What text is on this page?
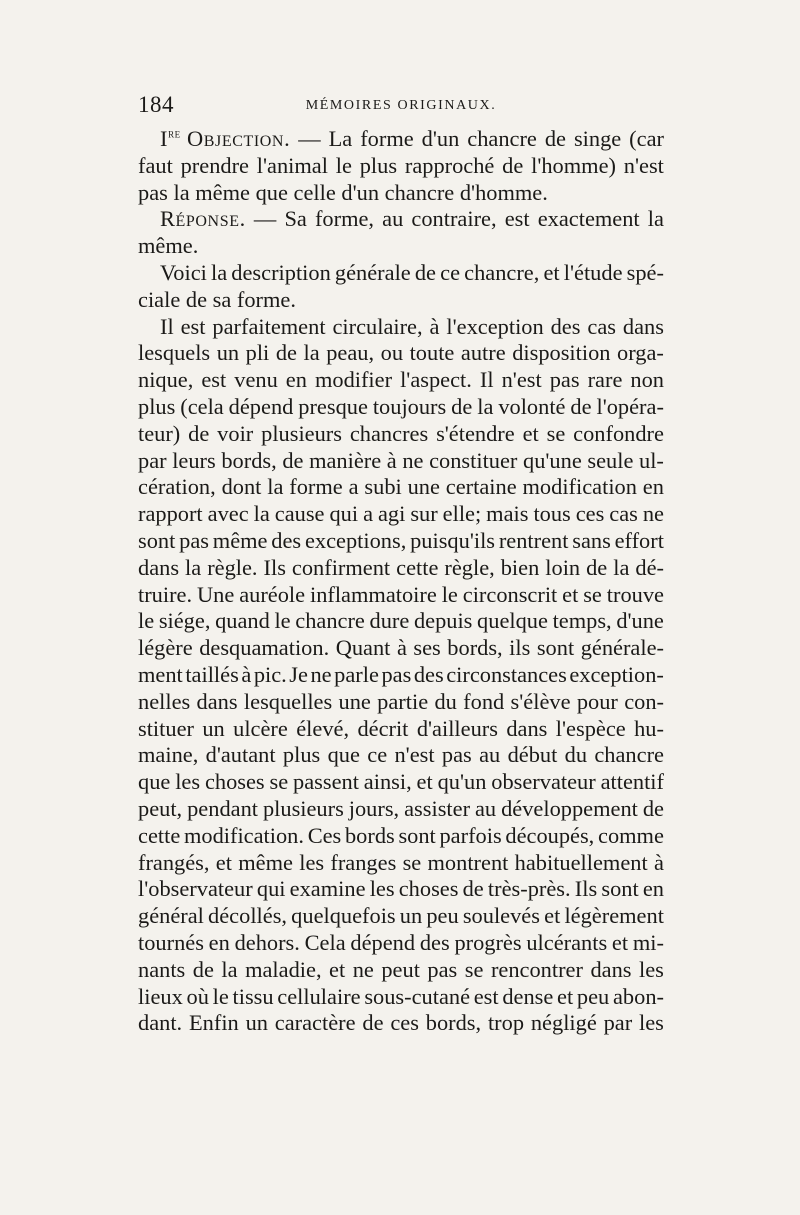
184	MÉMOIRES ORIGINAUX.
Ire Objection. — La forme d'un chancre de singe (car
faut prendre l'animal le plus rapproché de l'homme) n'est
pas
la
même
que
celle
d'un
chancre
d'homme.
Réponse. — Sa forme, au contraire, est exactement la
même.
Voici la description générale de ce chancre, et l'étude spé-
ciale
de
sa
forme.
Il est parfaitement circulaire, à l'exception des cas dans
lesquels un pli de la peau, ou toute autre disposition orga-
nique, est venu en modifier l'aspect. Il n'est pas rare non
plus (cela dépend presque toujours de la volonté de l'opéra-
teur) de voir plusieurs chancres s'étendre et se confondre
par leurs bords, de manière à ne constituer qu'une seule ul-
cération, dont la forme a subi une certaine modification en
rapport avec la cause qui a agi sur elle; mais tous ces cas ne
sont pas même des exceptions, puisqu'ils rentrent sans effort
dans la règle. Ils confirment cette règle, bien loin de la dé-
truire. Une auréole inflammatoire le circonscrit et se trouve
le siége, quand le chancre dure depuis quelque temps, d'une
légère desquamation. Quant à ses bords, ils sont générale-
ment taillés à pic. Je ne parle pas des circonstances exception-
nelles dans lesquelles une partie du fond s'élève pour con-
stituer un ulcère élevé, décrit d'ailleurs dans l'espèce hu-
maine, d'autant plus que ce n'est pas au début du chancre
que les choses se passent ainsi, et qu'un observateur attentif
peut, pendant plusieurs jours, assister au développement de
cette modification. Ces bords sont parfois découpés, comme
frangés, et même les franges se montrent habituellement à
l'observateur qui examine les choses de très-près. Ils sont en
général décollés, quelquefois un peu soulevés et légèrement
tournés en dehors. Cela dépend des progrès ulcérants et mi-
nants de la maladie, et ne peut pas se rencontrer dans les
lieux où le tissu cellulaire sous-cutané est dense et peu abon-
dant. Enfin un caractère de ces bords, trop négligé par les
